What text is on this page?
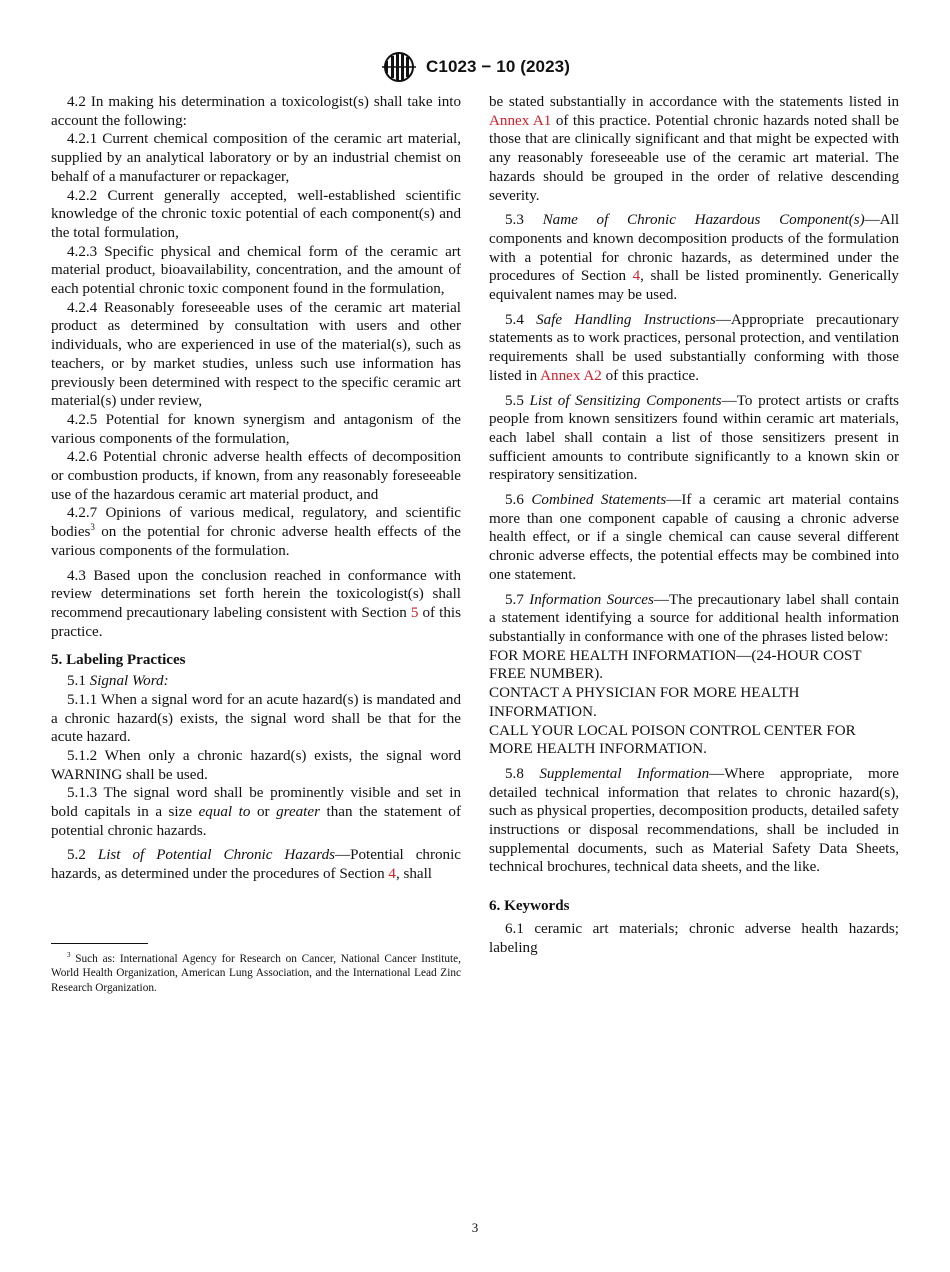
C1023 − 10 (2023)

4.2 In making his determination a toxicologist(s) shall take into account the following:

4.2.1 Current chemical composition of the ceramic art material, supplied by an analytical laboratory or by an industrial chemist on behalf of a manufacturer or repackager,

4.2.2 Current generally accepted, well-established scientific knowledge of the chronic toxic potential of each component(s) and the total formulation,

4.2.3 Specific physical and chemical form of the ceramic art material product, bioavailability, concentration, and the amount of each potential chronic toxic component found in the formulation,

4.2.4 Reasonably foreseeable uses of the ceramic art material product as determined by consultation with users and other individuals, who are experienced in use of the material(s), such as teachers, or by market studies, unless such use information has previously been determined with respect to the specific ceramic art material(s) under review,

4.2.5 Potential for known synergism and antagonism of the various components of the formulation,

4.2.6 Potential chronic adverse health effects of decomposition or combustion products, if known, from any reasonably foreseeable use of the hazardous ceramic art material product, and

4.2.7 Opinions of various medical, regulatory, and scientific bodies$^3$ on the potential for chronic adverse health effects of the various components of the formulation.

4.3 Based upon the conclusion reached in conformance with review determinations set forth herein the toxicologist(s) shall recommend precautionary labeling consistent with Section 5 of this practice.

5. Labeling Practices

5.1 Signal Word:

5.1.1 When a signal word for an acute hazard(s) is mandated and a chronic hazard(s) exists, the signal word shall be that for the acute hazard.

5.1.2 When only a chronic hazard(s) exists, the signal word WARNING shall be used.

5.1.3 The signal word shall be prominently visible and set in bold capitals in a size equal to or greater than the statement of potential chronic hazards.

5.2 List of Potential Chronic Hazards—Potential chronic hazards, as determined under the procedures of Section 4, shall

be stated substantially in accordance with the statements listed in Annex A1 of this practice. Potential chronic hazards noted shall be those that are clinically significant and that might be expected with any reasonably foreseeable use of the ceramic art material. The hazards should be grouped in the order of relative descending severity.

5.3 Name of Chronic Hazardous Component(s)—All components and known decomposition products of the formulation with a potential for chronic hazards, as determined under the procedures of Section 4, shall be listed prominently. Generically equivalent names may be used.

5.4 Safe Handling Instructions—Appropriate precautionary statements as to work practices, personal protection, and ventilation requirements shall be used substantially conforming with those listed in Annex A2 of this practice.

5.5 List of Sensitizing Components—To protect artists or crafts people from known sensitizers found within ceramic art materials, each label shall contain a list of those sensitizers present in sufficient amounts to contribute significantly to a known skin or respiratory sensitization.

5.6 Combined Statements—If a ceramic art material contains more than one component capable of causing a chronic adverse health effect, or if a single chemical can cause several different chronic adverse effects, the potential effects may be combined into one statement.

5.7 Information Sources—The precautionary label shall contain a statement identifying a source for additional health information substantially in conformance with one of the phrases listed below:

FOR MORE HEALTH INFORMATION—(24-HOUR COST FREE NUMBER).

CONTACT A PHYSICIAN FOR MORE HEALTH INFORMATION.

CALL YOUR LOCAL POISON CONTROL CENTER FOR MORE HEALTH INFORMATION.

5.8 Supplemental Information—Where appropriate, more detailed technical information that relates to chronic hazard(s), such as physical properties, decomposition products, detailed safety instructions or disposal recommendations, shall be included in supplemental documents, such as Material Safety Data Sheets, technical brochures, technical data sheets, and the like.

6. Keywords

6.1 ceramic art materials; chronic adverse health hazards; labeling

$^3$ Such as: International Agency for Research on Cancer, National Cancer Institute, World Health Organization, American Lung Association, and the International Lead Zinc Research Organization.
3
